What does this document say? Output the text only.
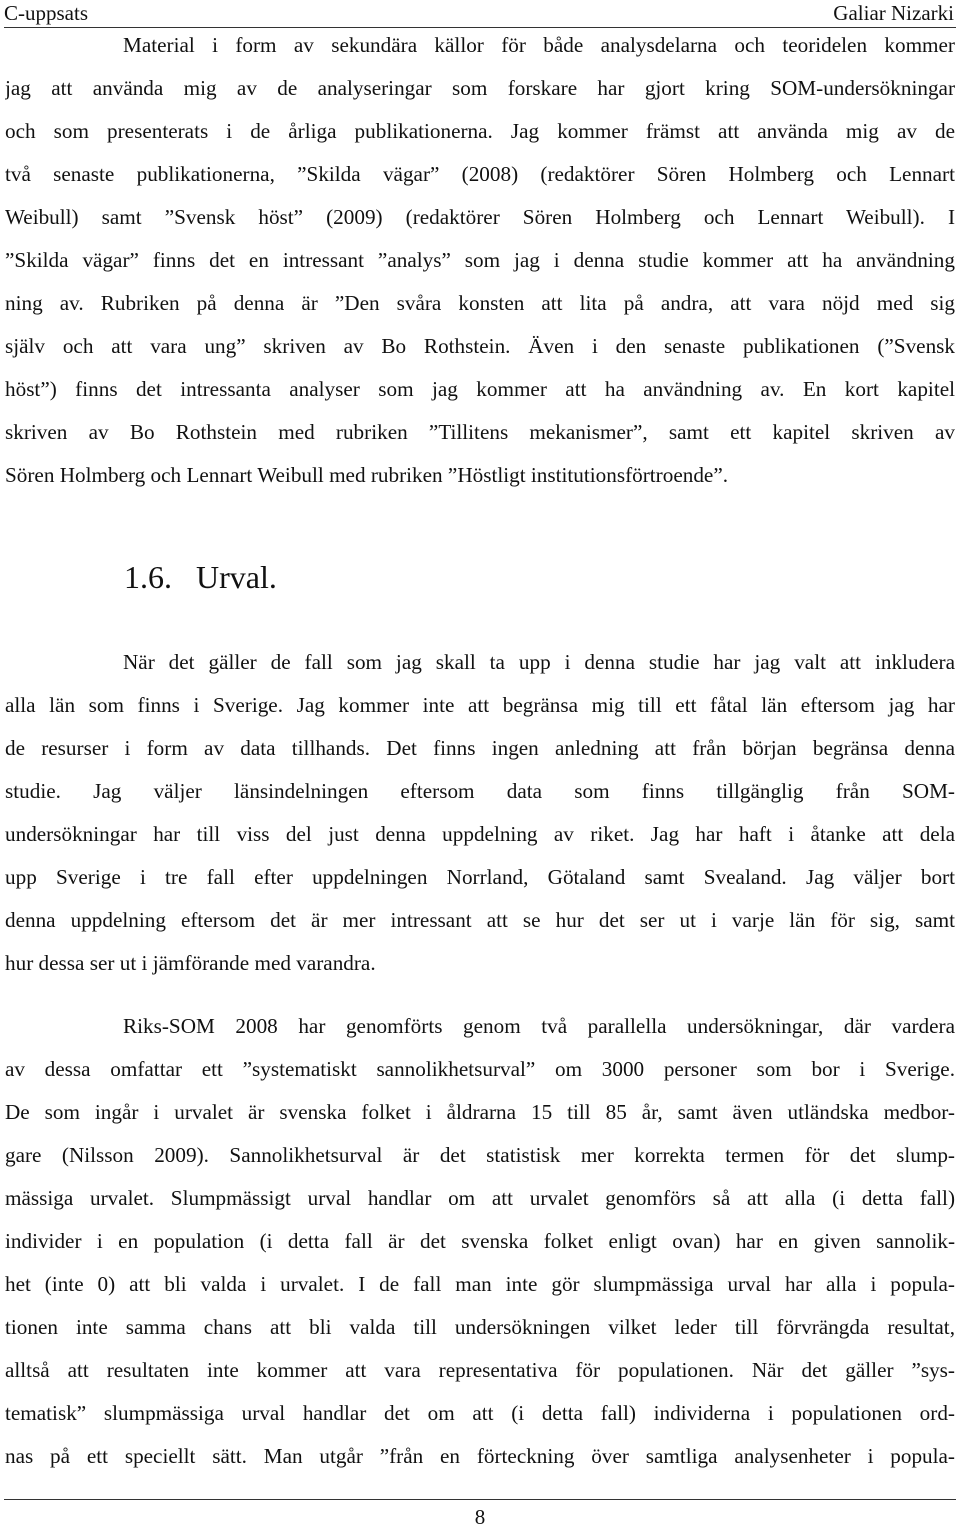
C-uppsats	Galiar Nizarki
Material i form av sekundära källor för både analysdelarna och teoridelen kommer
jag att använda mig av de analyseringar som forskare har gjort kring SOM-undersökningar
och som presenterats i de årliga publikationerna. Jag kommer främst att använda mig av de
två senaste publikationerna, ”Skilda vägar” (2008) (redaktörer Sören Holmberg och Lennart
Weibull) samt ”Svensk höst” (2009) (redaktörer Sören Holmberg och Lennart Weibull). I
”Skilda vägar” finns det en intressant ”analys” som jag i denna studie kommer att ha användning
ning av. Rubriken på denna är ”Den svåra konsten att lita på andra, att vara nöjd med sig
själv och att vara ung” skriven av Bo Rothstein. Även i den senaste publikationen (”Svensk
höst”) finns det intressanta analyser som jag kommer att ha användning av. En kort kapitel
skriven av Bo Rothstein med rubriken ”Tillitens mekanismer”, samt ett kapitel skriven av
Sören Holmberg och Lennart Weibull med rubriken ”Höstligt institutionsförtroende”.
1.6. Urval.
När det gäller de fall som jag skall ta upp i denna studie har jag valt att inkludera
alla län som finns i Sverige. Jag kommer inte att begränsa mig till ett fåtal län eftersom jag har
de resurser i form av data tillhands. Det finns ingen anledning att från början begränsa denna
studie. Jag väljer länsindelningen eftersom data som finns tillgänglig från SOM-
undersökningar har till viss del just denna uppdelning av riket. Jag har haft i åtanke att dela
upp Sverige i tre fall efter uppdelningen Norrland, Götaland samt Svealand. Jag väljer bort
denna uppdelning eftersom det är mer intressant att se hur det ser ut i varje län för sig, samt
hur dessa ser ut i jämförande med varandra.
Riks-SOM 2008 har genomförts genom två parallella undersökningar, där vardera
av dessa omfattar ett ”systematiskt sannolikhetsurval” om 3000 personer som bor i Sverige.
De som ingår i urvalet är svenska folket i åldrarna 15 till 85 år, samt även utländska medbor-
gare (Nilsson 2009). Sannolikhetsurval är det statistisk mer korrekta termen för det slump-
mässiga urvalet. Slumpmässigt urval handlar om att urvalet genomförs så att alla (i detta fall)
individer i en population (i detta fall är det svenska folket enligt ovan) har en given sannolik-
het (inte 0) att bli valda i urvalet. I de fall man inte gör slumpmässiga urval har alla i popula-
tionen inte samma chans att bli valda till undersökningen vilket leder till förvrängda resultat,
alltså att resultaten inte kommer att vara representativa för populationen. När det gäller ”sys-
tematisk” slumpmässiga urval handlar det om att (i detta fall) individerna i populationen ord-
nas på ett speciellt sätt. Man utgår ”från en förteckning över samtliga analysenheter i popula-
8
